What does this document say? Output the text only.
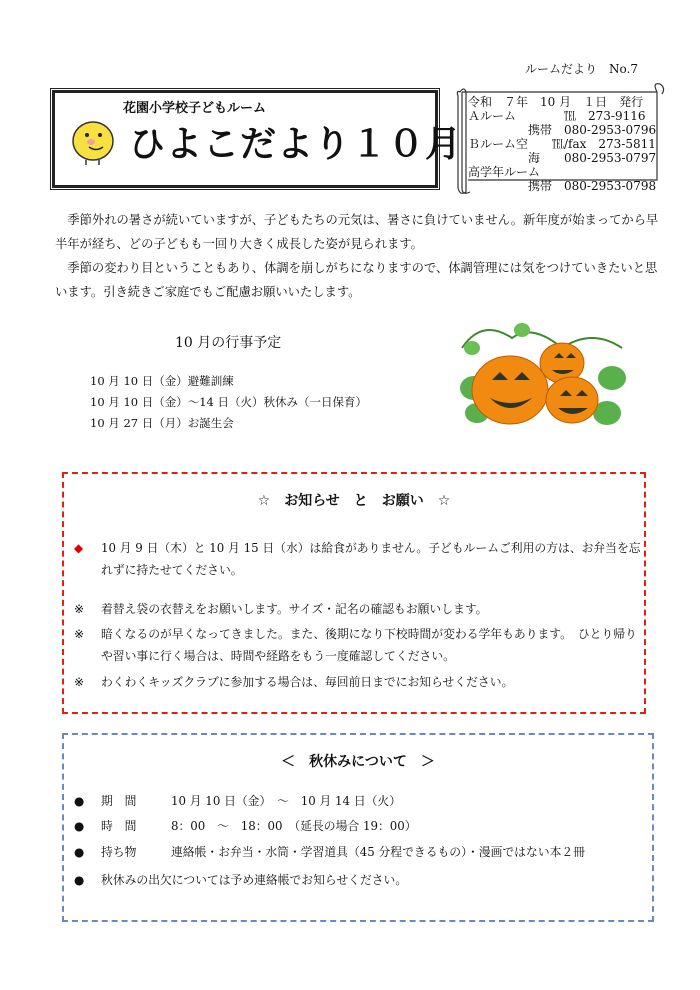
ルームだより　No.7
花園小学校子どもルーム
ひよこだより１０月
令和　７年　10 月　１日　発行
Ａルーム　　　　℡　273-9116
　　　　　携帯　080-2953-0796
Ｂルーム空　　℡/fax　273-5811
　　　　　海　　080-2953-0797
高学年ルーム
　　　　　携帯　080-2953-0798

季節外れの暑さが続いていますが、子どもたちの元気は、暑さに負けていません。新年度が始まってから早半年が経ち、どの子どもも一回り大きく成長した姿が見られます。

季節の変わり目ということもあり、体調を崩しがちになりますので、体調管理には気をつけていきたいと思います。引き続きご家庭でもご配慮お願いいたします。

10 月の行事予定
10 月 10 日（金）避難訓練
10 月 10 日（金）～14 日（火）秋休み（一日保育）
10 月 27 日（月）お誕生会
☆　お知らせ　と　お願い　☆
◆ 10 月 9 日（木）と 10 月 15 日（水）は給食がありません。子どもルームご利用の方は、お弁当を忘れずに持たせてください。
※ 着替え袋の衣替えをお願いします。サイズ・記名の確認もお願いします。
※ 暗くなるのが早くなってきました。また、後期になり下校時間が変わる学年もあります。　ひとり帰りや習い事に行く場合は、時間や経路をもう一度確認してください。
※ わくわくキッズクラブに参加する場合は、毎回前日までにお知らせください。
＜　秋休みについて　＞
● 期　間	10 月 10 日（金）　～　10 月 14 日（火）
● 時　間	8：00　～　18：00　（延長の場合 19：00）
● 持ち物	連絡帳・お弁当・水筒・学習道具（45 分程できるもの）・漫画ではない本２冊
● 秋休みの出欠については予め連絡帳でお知らせください。
